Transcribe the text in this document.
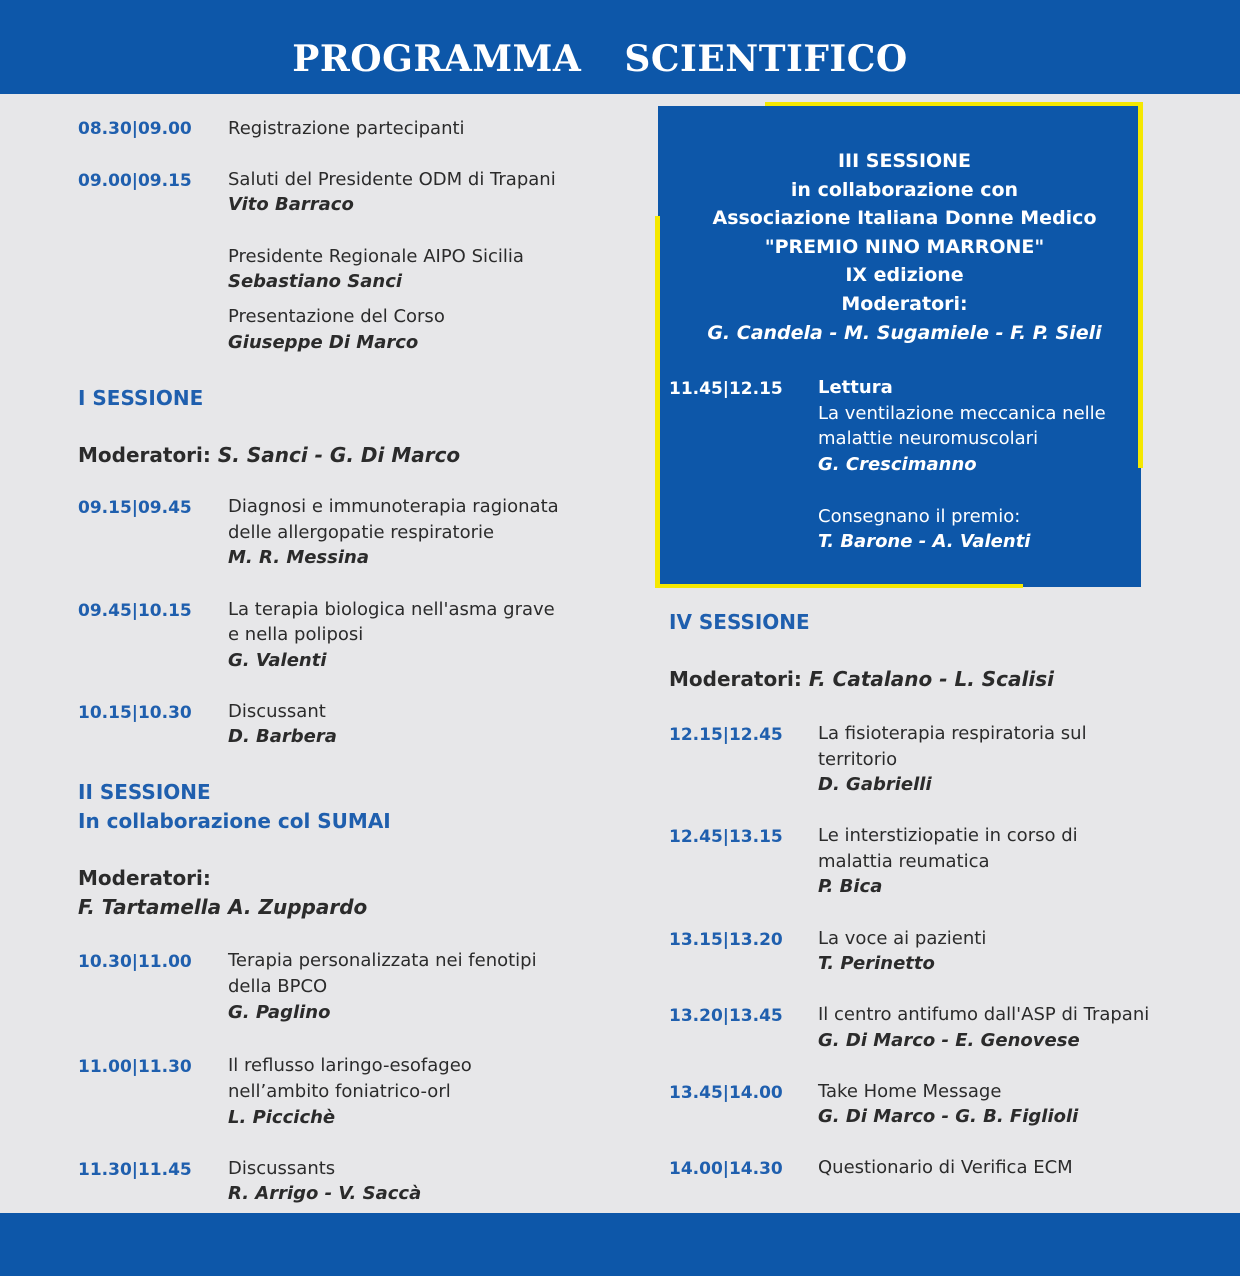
PROGRAMMA SCIENTIFICO
08.30|09.00 Registrazione partecipanti
09.00|09.15 Saluti del Presidente ODM di Trapani
Vito Barraco
Presidente Regionale AIPO Sicilia
Sebastiano Sanci
Presentazione del Corso
Giuseppe Di Marco
I SESSIONE
Moderatori: S. Sanci - G. Di Marco
09.15|09.45 Diagnosi e immunoterapia ragionata
delle allergopatie respiratorie
M. R. Messina
09.45|10.15 La terapia biologica nell'asma grave
e nella poliposi
G. Valenti
10.15|10.30 Discussant
D. Barbera
II SESSIONE
In collaborazione col SUMAI
Moderatori:
F. Tartamella A. Zuppardo
10.30|11.00 Terapia personalizzata nei fenotipi
della BPCO
G. Paglino
11.00|11.30 Il reflusso laringo-esofageo
nell’ambito foniatrico-orl
L. Piccichè
11.30|11.45 Discussants
R. Arrigo - V. Saccà
III SESSIONE
in collaborazione con
Associazione Italiana Donne Medico
"PREMIO NINO MARRONE"
IX edizione
Moderatori:
G. Candela - M. Sugamiele - F. P. Sieli
11.45|12.15 Lettura
La ventilazione meccanica nelle
malattie neuromuscolari
G. Crescimanno
Consegnano il premio:
T. Barone - A. Valenti
IV SESSIONE
Moderatori: F. Catalano - L. Scalisi
12.15|12.45 La fisioterapia respiratoria sul
territorio
D. Gabrielli
12.45|13.15 Le interstiziopatie in corso di
malattia reumatica
P. Bica
13.15|13.20 La voce ai pazienti
T. Perinetto
13.20|13.45 Il centro antifumo dall'ASP di Trapani
G. Di Marco - E. Genovese
13.45|14.00 Take Home Message
G. Di Marco - G. B. Figlioli
14.00|14.30 Questionario di Verifica ECM
